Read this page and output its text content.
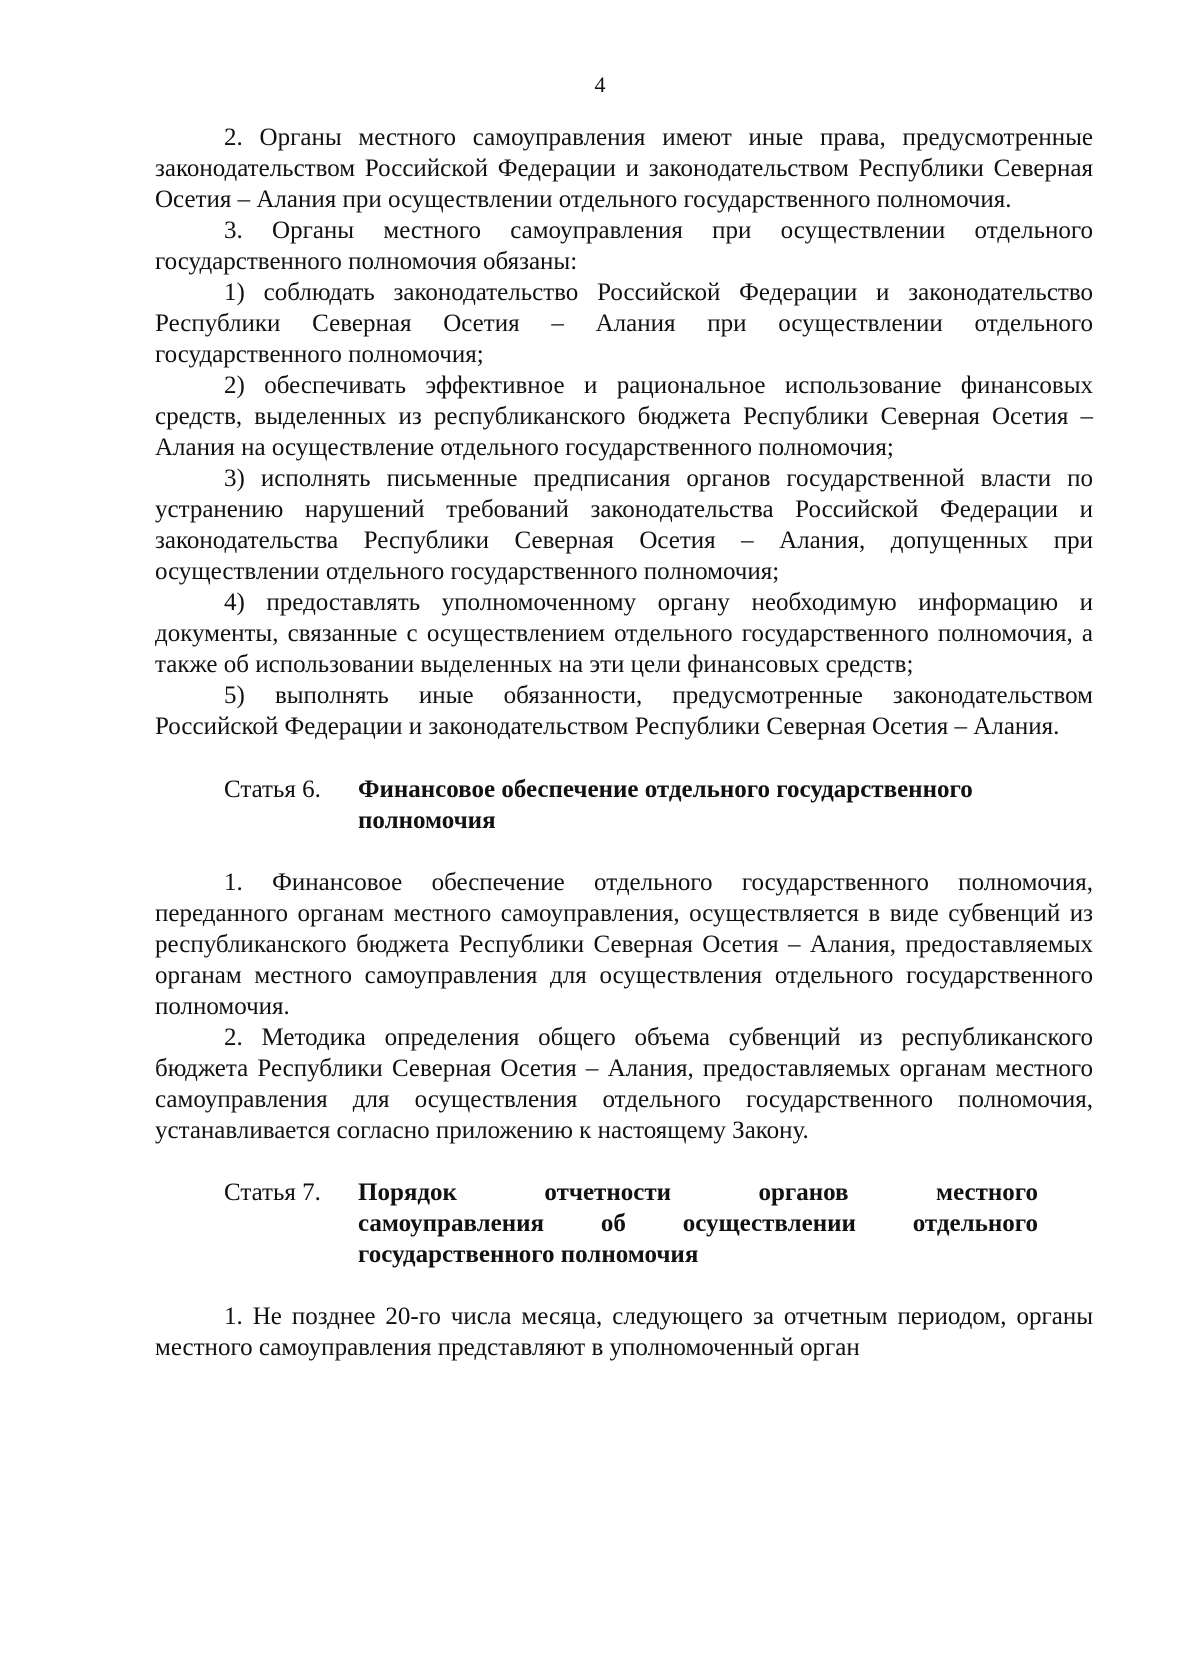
4

2. Органы местного самоуправления имеют иные права, предусмотренные законодательством Российской Федерации и законодательством Республики Северная Осетия – Алания при осуществлении отдельного государственного полномочия.

3. Органы местного самоуправления при осуществлении отдельного государственного полномочия обязаны:

1) соблюдать законодательство Российской Федерации и законодательство Республики Северная Осетия – Алания при осуществлении отдельного государственного полномочия;

2) обеспечивать эффективное и рациональное использование финансовых средств, выделенных из республиканского бюджета Республики Северная Осетия – Алания на осуществление отдельного государственного полномочия;

3) исполнять письменные предписания органов государственной власти по устранению нарушений требований законодательства Российской Федерации и законодательства Республики Северная Осетия – Алания, допущенных при осуществлении отдельного государственного полномочия;

4) предоставлять уполномоченному органу необходимую информацию и документы, связанные с осуществлением отдельного государственного полномочия, а также об использовании выделенных на эти цели финансовых средств;

5) выполнять иные обязанности, предусмотренные законодательством Российской Федерации и законодательством Республики Северная Осетия – Алания.

Статья 6.	Финансовое обеспечение отдельного государственного
полномочия

1. Финансовое обеспечение отдельного государственного полномочия, переданного органам местного самоуправления, осуществляется в виде субвенций из республиканского бюджета Республики Северная Осетия – Алания, предоставляемых органам местного самоуправления для осуществления отдельного государственного полномочия.

2. Методика определения общего объема субвенций из республиканского бюджета Республики Северная Осетия – Алания, предоставляемых органам местного самоуправления для осуществления отдельного государственного полномочия, устанавливается согласно приложению к настоящему Закону.

Статья 7.	Порядок отчетности органов местного
самоуправления об осуществлении отдельного
государственного полномочия

1. Не позднее 20-го числа месяца, следующего за отчетным периодом, органы местного самоуправления представляют в уполномоченный орган
